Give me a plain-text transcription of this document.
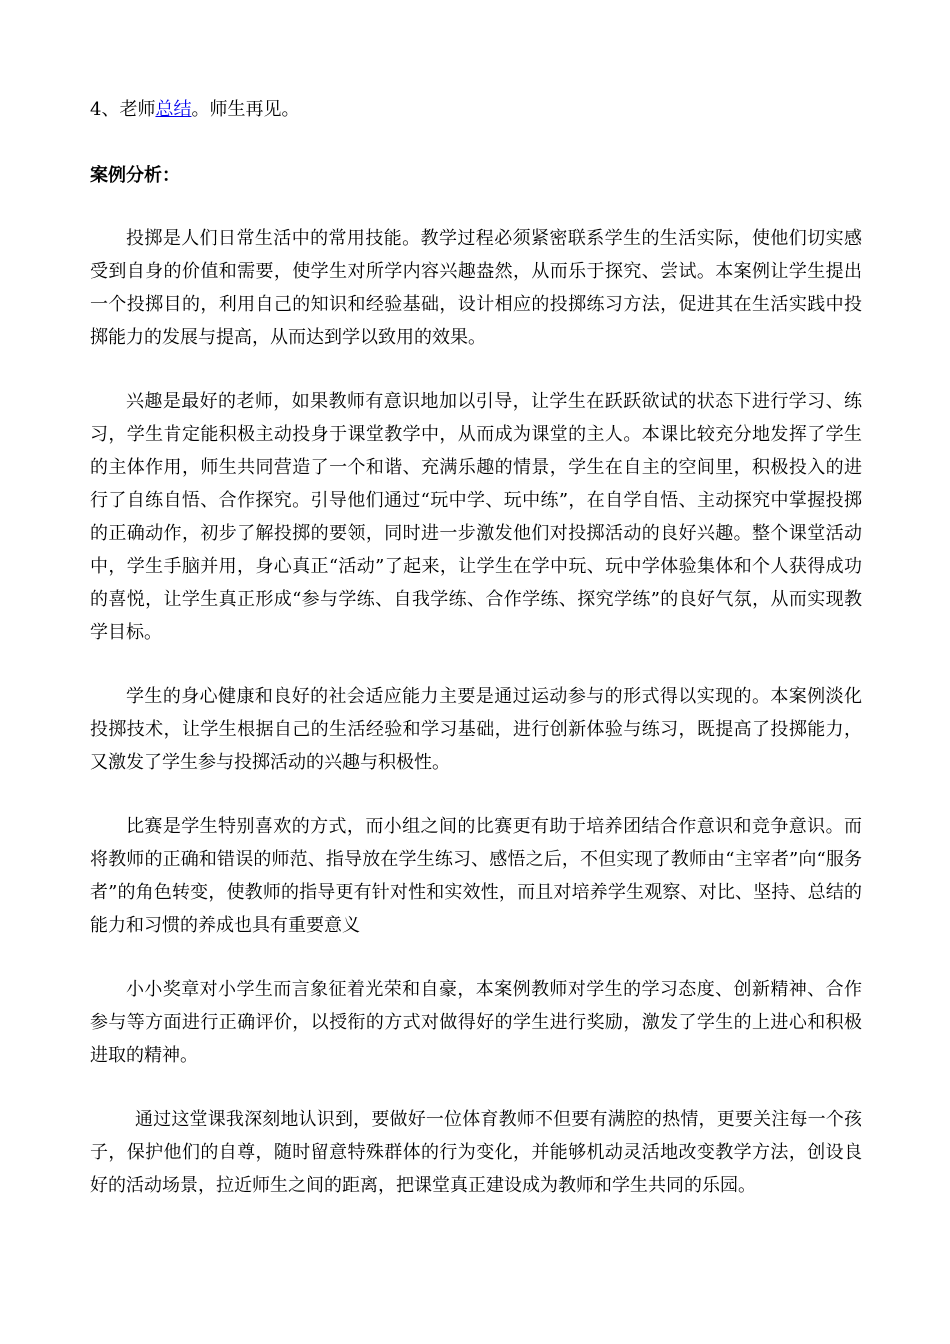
4、老师总结。师生再见。

案例分析：

投掷是人们日常生活中的常用技能。教学过程必须紧密联系学生的生活实际，使他们切实感受到自身的价值和需要，使学生对所学内容兴趣盎然，从而乐于探究、尝试。本案例让学生提出一个投掷目的，利用自己的知识和经验基础，设计相应的投掷练习方法，促进其在生活实践中投掷能力的发展与提高，从而达到学以致用的效果。

兴趣是最好的老师，如果教师有意识地加以引导，让学生在跃跃欲试的状态下进行学习、练习，学生肯定能积极主动投身于课堂教学中，从而成为课堂的主人。本课比较充分地发挥了学生的主体作用，师生共同营造了一个和谐、充满乐趣的情景，学生在自主的空间里，积极投入的进行了自练自悟、合作探究。引导他们通过“玩中学、玩中练”，在自学自悟、主动探究中掌握投掷的正确动作，初步了解投掷的要领，同时进一步激发他们对投掷活动的良好兴趣。整个课堂活动中，学生手脑并用，身心真正“活动”了起来，让学生在学中玩、玩中学体验集体和个人获得成功的喜悦，让学生真正形成“参与学练、自我学练、合作学练、探究学练”的良好气氛，从而实现教学目标。

学生的身心健康和良好的社会适应能力主要是通过运动参与的形式得以实现的。本案例淡化投掷技术，让学生根据自己的生活经验和学习基础，进行创新体验与练习，既提高了投掷能力，又激发了学生参与投掷活动的兴趣与积极性。

比赛是学生特别喜欢的方式，而小组之间的比赛更有助于培养团结合作意识和竞争意识。而将教师的正确和错误的师范、指导放在学生练习、感悟之后，不但实现了教师由“主宰者”向“服务者”的角色转变，使教师的指导更有针对性和实效性，而且对培养学生观察、对比、坚持、总结的能力和习惯的养成也具有重要意义

小小奖章对小学生而言象征着光荣和自豪，本案例教师对学生的学习态度、创新精神、合作参与等方面进行正确评价，以授衔的方式对做得好的学生进行奖励，激发了学生的上进心和积极进取的精神。

通过这堂课我深刻地认识到，要做好一位体育教师不但要有满腔的热情，更要关注每一个孩子，保护他们的自尊，随时留意特殊群体的行为变化，并能够机动灵活地改变教学方法，创设良好的活动场景，拉近师生之间的距离，把课堂真正建设成为教师和学生共同的乐园。
